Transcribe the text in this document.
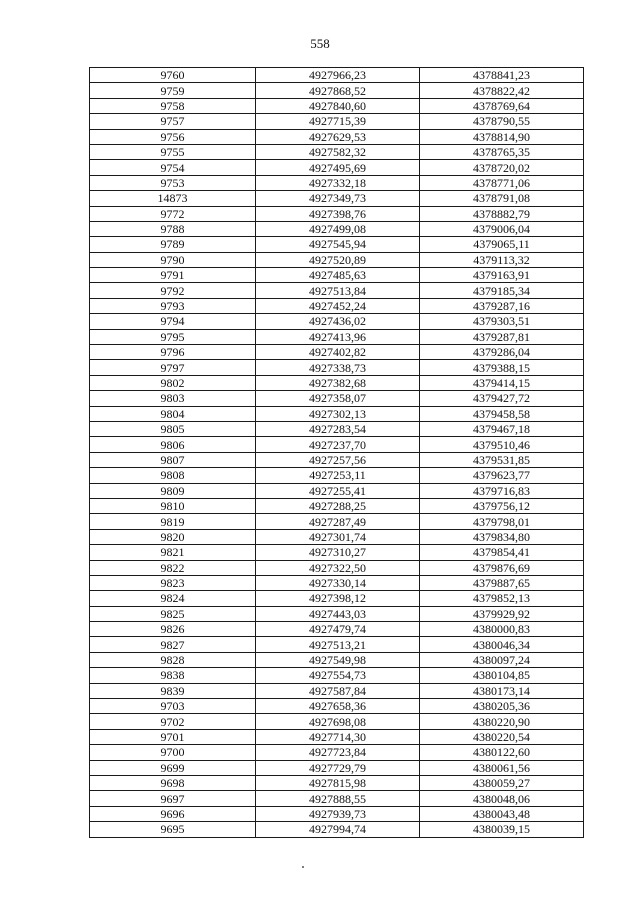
558
9760	4927966,23	4378841,23
9759	4927868,52	4378822,42
9758	4927840,60	4378769,64
9757	4927715,39	4378790,55
9756	4927629,53	4378814,90
9755	4927582,32	4378765,35
9754	4927495,69	4378720,02
9753	4927332,18	4378771,06
14873	4927349,73	4378791,08
9772	4927398,76	4378882,79
9788	4927499,08	4379006,04
9789	4927545,94	4379065,11
9790	4927520,89	4379113,32
9791	4927485,63	4379163,91
9792	4927513,84	4379185,34
9793	4927452,24	4379287,16
9794	4927436,02	4379303,51
9795	4927413,96	4379287,81
9796	4927402,82	4379286,04
9797	4927338,73	4379388,15
9802	4927382,68	4379414,15
9803	4927358,07	4379427,72
9804	4927302,13	4379458,58
9805	4927283,54	4379467,18
9806	4927237,70	4379510,46
9807	4927257,56	4379531,85
9808	4927253,11	4379623,77
9809	4927255,41	4379716,83
9810	4927288,25	4379756,12
9819	4927287,49	4379798,01
9820	4927301,74	4379834,80
9821	4927310,27	4379854,41
9822	4927322,50	4379876,69
9823	4927330,14	4379887,65
9824	4927398,12	4379852,13
9825	4927443,03	4379929,92
9826	4927479,74	4380000,83
9827	4927513,21	4380046,34
9828	4927549,98	4380097,24
9838	4927554,73	4380104,85
9839	4927587,84	4380173,14
9703	4927658,36	4380205,36
9702	4927698,08	4380220,90
9701	4927714,30	4380220,54
9700	4927723,84	4380122,60
9699	4927729,79	4380061,56
9698	4927815,98	4380059,27
9697	4927888,55	4380048,06
9696	4927939,73	4380043,48
9695	4927994,74	4380039,15
